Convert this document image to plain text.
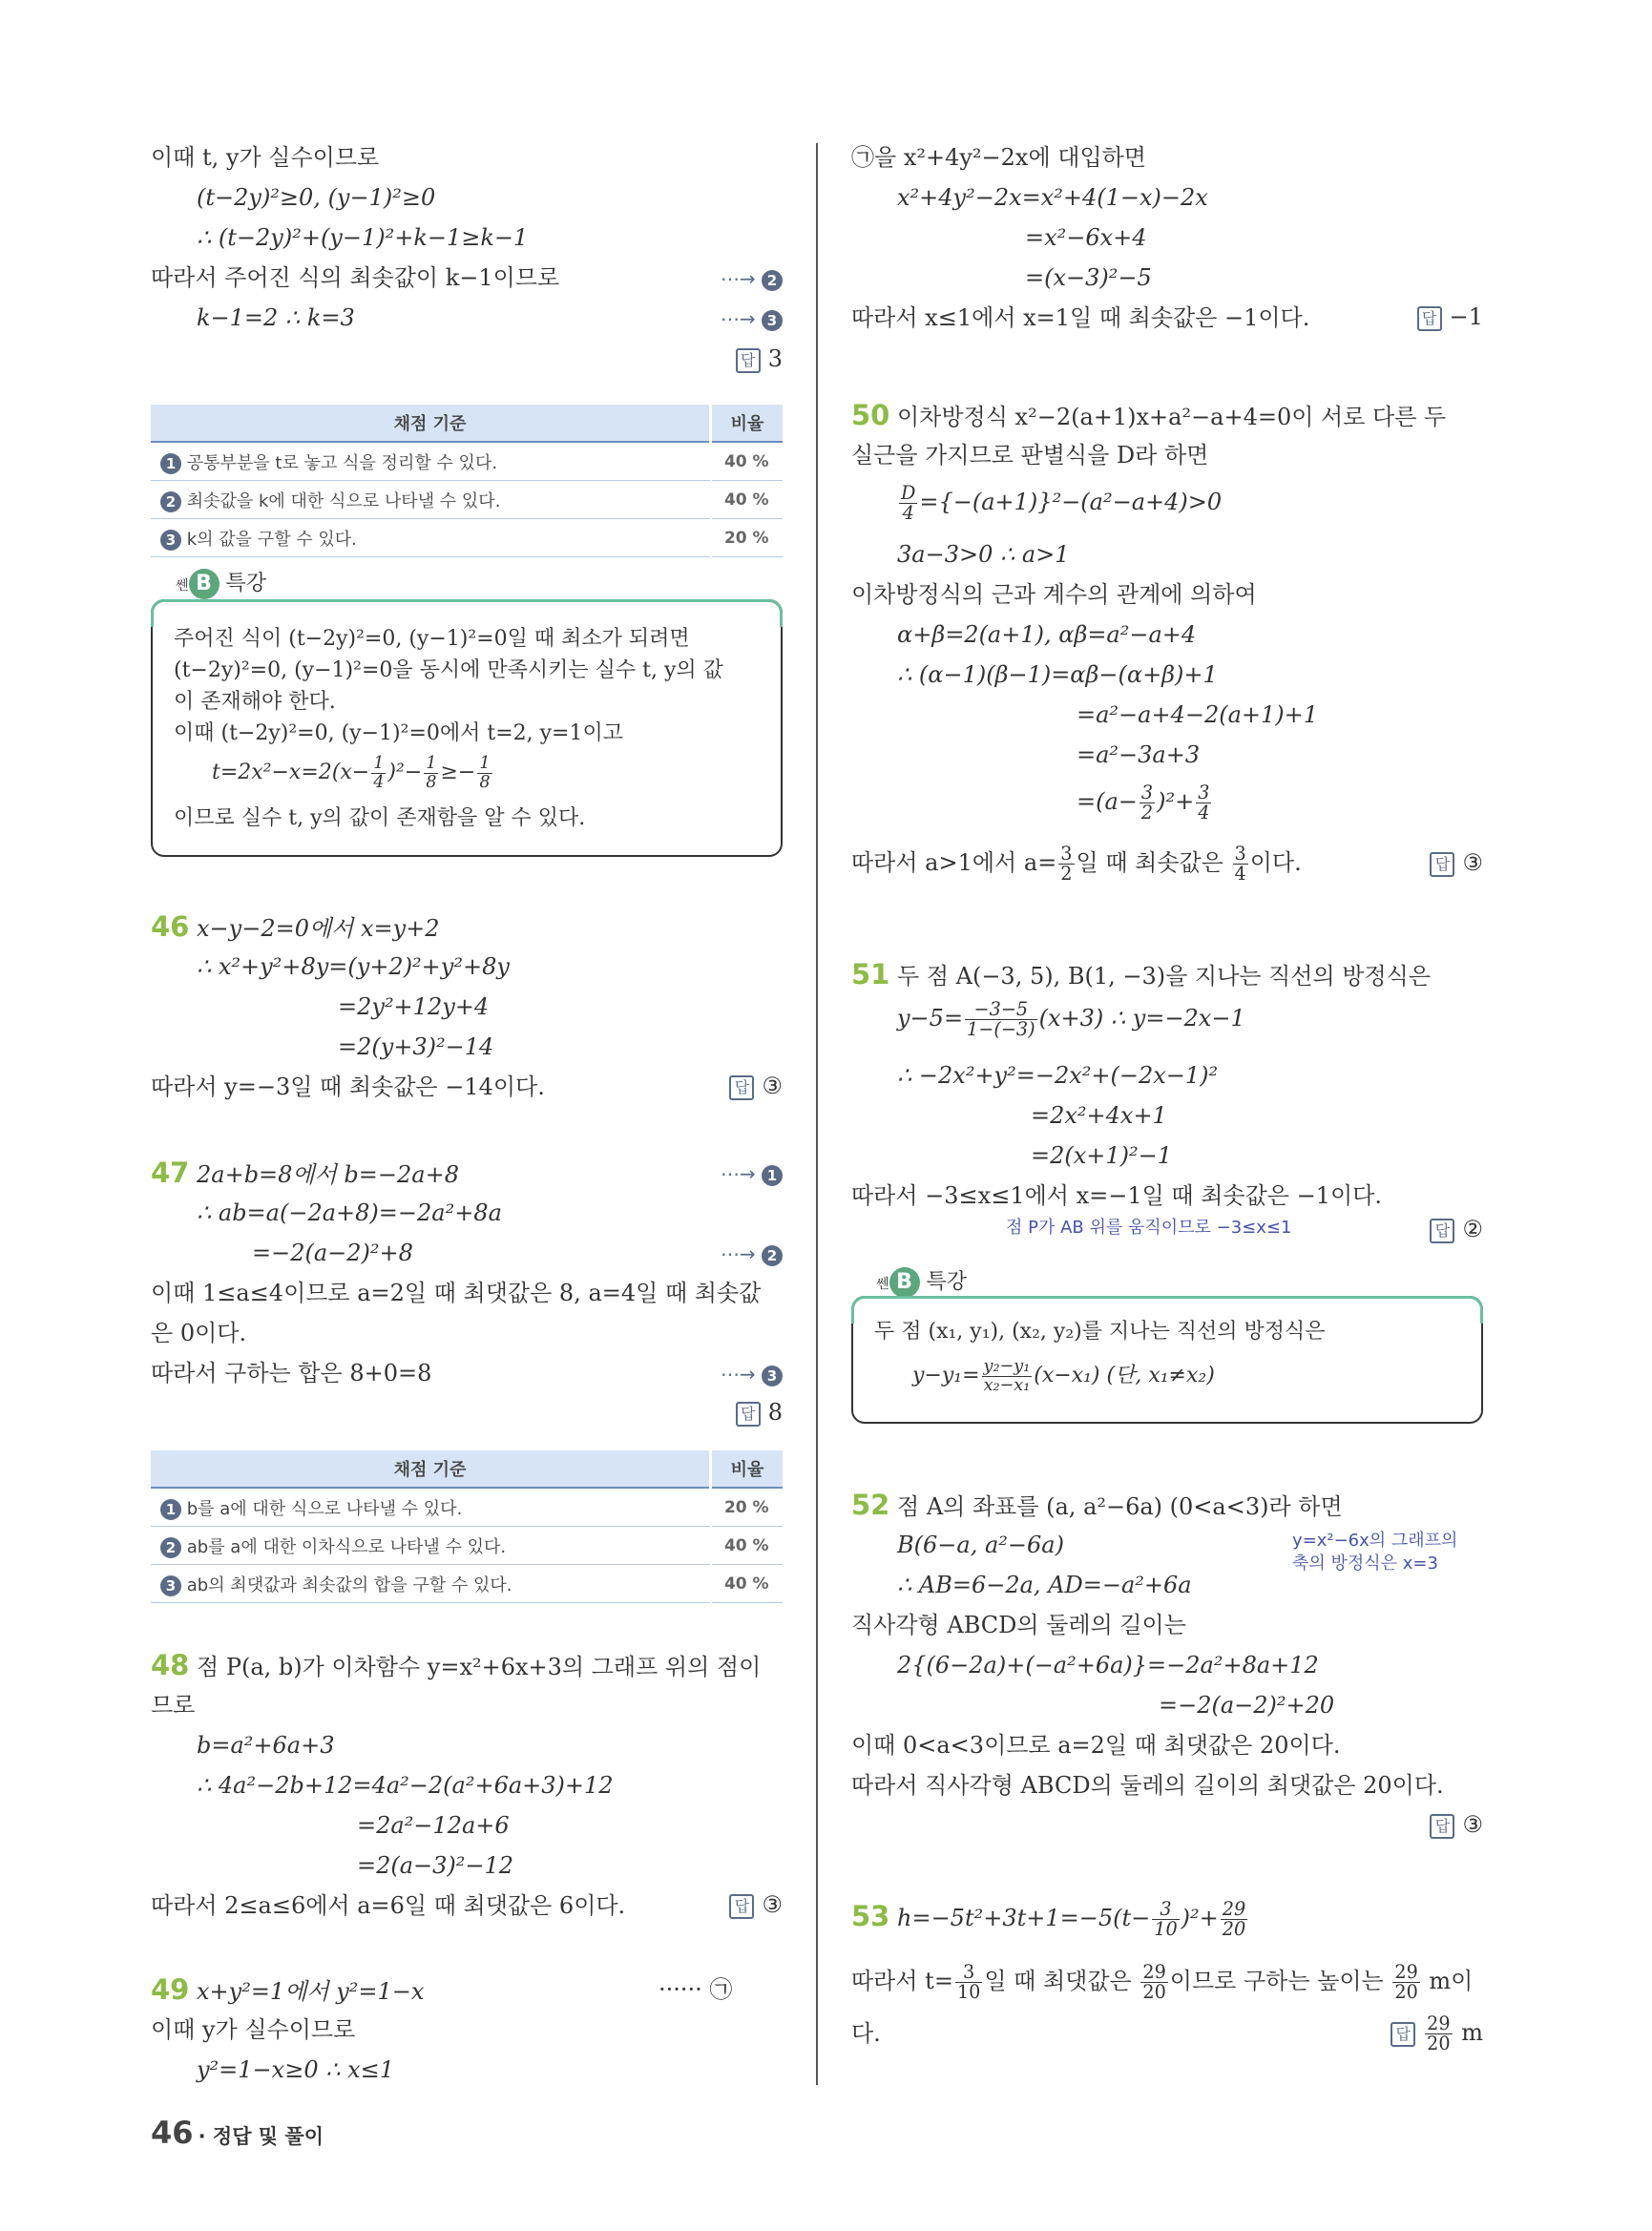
이때 t, y가 실수이므로
(t−2y)²≥0, (y−1)²≥0
∴ (t−2y)²+(y−1)²+k−1≥k−1
따라서 주어진 식의 최솟값이 k−1이므로	⋯→ 2
k−1=2 ∴ k=3	⋯→ 3
답 3
채점 기준	비율
1 공통부분을 t로 놓고 식을 정리할 수 있다.	40 %
2 최솟값을 k에 대한 식으로 나타낼 수 있다.	40 %
3 k의 값을 구할 수 있다.	20 %
쎈 B 특강
주어진 식이 (t−2y)²=0, (y−1)²=0일 때 최소가 되려면
(t−2y)²=0, (y−1)²=0을 동시에 만족시키는 실수 t, y의 값
이 존재해야 한다.
이때 (t−2y)²=0, (y−1)²=0에서 t=2, y=1이고
$t=2x^2-x=2(x- \frac{1}{4} )^2- \frac{1}{8} \ge- \frac{1}{8}$
이므로 실수 t, y의 값이 존재함을 알 수 있다.
46 x−y−2=0에서 x=y+2
∴ x²+y²+8y=(y+2)²+y²+8y
=2y²+12y+4
=2(y+3)²−14
따라서 y=−3일 때 최솟값은 −14이다.	답 ③
47 2a+b=8에서 b=−2a+8	⋯→ 1
∴ ab=a(−2a+8)=−2a²+8a
=−2(a−2)²+8	⋯→ 2
이때 1≤a≤4이므로 a=2일 때 최댓값은 8, a=4일 때 최솟값
은 0이다.
따라서 구하는 합은 8+0=8	⋯→ 3
답 8
채점 기준	비율
1 b를 a에 대한 식으로 나타낼 수 있다.	20 %
2 ab를 a에 대한 이차식으로 나타낼 수 있다.	40 %
3 ab의 최댓값과 최솟값의 합을 구할 수 있다.	40 %
48 점 P(a, b)가 이차함수 y=x²+6x+3의 그래프 위의 점이
므로
b=a²+6a+3
∴ 4a²−2b+12=4a²−2(a²+6a+3)+12
=2a²−12a+6
=2(a−3)²−12
따라서 2≤a≤6에서 a=6일 때 최댓값은 6이다.	답 ③
49 x+y²=1에서 y²=1−x	······ ㉠
이때 y가 실수이므로
y²=1−x≥0 ∴ x≤1
㉠을 x²+4y²−2x에 대입하면
x²+4y²−2x=x²+4(1−x)−2x
=x²−6x+4
=(x−3)²−5
따라서 x≤1에서 x=1일 때 최솟값은 −1이다.	답 −1
50 이차방정식 x²−2(a+1)x+a²−a+4=0이 서로 다른 두
실근을 가지므로 판별식을 D라 하면
$\frac{D}{4} =\{-(a+1)\}^2-(a^2-a+4)>0$
3a−3>0 ∴ a>1
이차방정식의 근과 계수의 관계에 의하여
α+β=2(a+1), αβ=a²−a+4
∴ (α−1)(β−1)=αβ−(α+β)+1
=a²−a+4−2(a+1)+1
=a²−3a+3
$=(a- \frac{3}{2} )^2+ \frac{3}{4}$
따라서 a>1에서 $a= \frac{3}{2}$ 일 때 최솟값은 $\frac{3}{4}$ 이다.	답 ③
51 두 점 A(−3, 5), B(1, −3)을 지나는 직선의 방정식은
$y-5= \frac{-3-5}{1-(-3)} (x+3)$ ∴ y=−2x−1
∴ −2x²+y²=−2x²+(−2x−1)²
=2x²+4x+1
=2(x+1)²−1
따라서 −3≤x≤1에서 x=−1일 때 최솟값은 −1이다.
점 P가 AB 위를 움직이므로 −3≤x≤1	답 ②
쎈 B 특강
두 점 (x₁, y₁), (x₂, y₂)를 지나는 직선의 방정식은
$y-y_1= \frac{\text{y₂−y₁}}{\text{x₂−x₁}} (x-x_1)$ (단, x₁≠x₂)
52 점 A의 좌표를 (a, a²−6a) (0<a<3)라 하면
y=x²−6x의 그래프의
축의 방정식은 x=3
B(6−a, a²−6a)
∴ AB=6−2a, AD=−a²+6a
직사각형 ABCD의 둘레의 길이는
2{(6−2a)+(−a²+6a)}=−2a²+8a+12
=−2(a−2)²+20
이때 0<a<3이므로 a=2일 때 최댓값은 20이다.
따라서 직사각형 ABCD의 둘레의 길이의 최댓값은 20이다.
답 ③
53 $h=-5t^2+3t+1=-5(t- \frac{3}{10} )^2+ \frac{29}{20}$
따라서 $t= \frac{3}{10}$ 일 때 최댓값은 $\frac{29}{20}$ 이므로 구하는 높이는 $\frac{29}{20}$ m이
다.	답 $\frac{29}{20}$ m
46 · 정답 및 풀이
